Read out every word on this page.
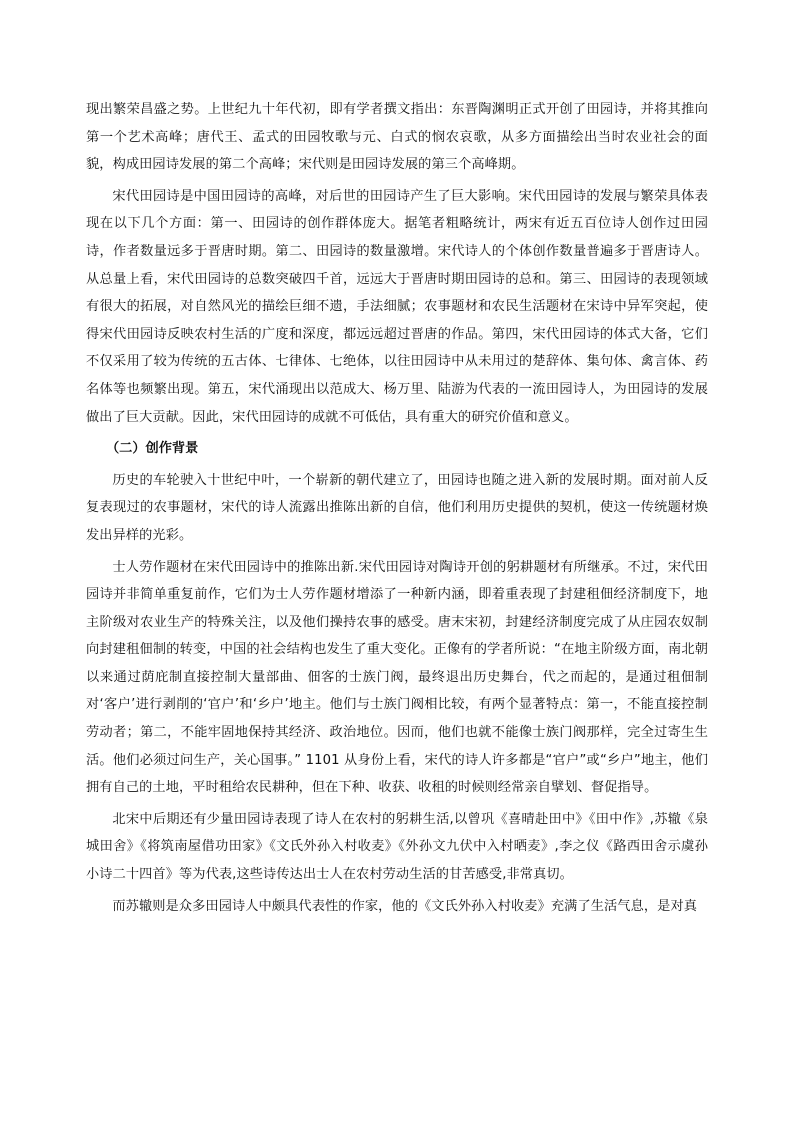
现出繁荣昌盛之势。上世纪九十年代初，即有学者撰文指出：东晋陶渊明正式开创了田园诗，并将其推向第一个艺术高峰；唐代王、孟式的田园牧歌与元、白式的悯农哀歌，从多方面描绘出当时农业社会的面貌，构成田园诗发展的第二个高峰；宋代则是田园诗发展的第三个高峰期。

宋代田园诗是中国田园诗的高峰，对后世的田园诗产生了巨大影响。宋代田园诗的发展与繁荣具体表现在以下几个方面：第一、田园诗的创作群体庞大。据笔者粗略统计，两宋有近五百位诗人创作过田园诗，作者数量远多于晋唐时期。第二、田园诗的数量激增。宋代诗人的个体创作数量普遍多于晋唐诗人。从总量上看，宋代田园诗的总数突破四千首，远远大于晋唐时期田园诗的总和。第三、田园诗的表现领域有很大的拓展，对自然风光的描绘巨细不遗，手法细腻；农事题材和农民生活题材在宋诗中异军突起，使得宋代田园诗反映农村生活的广度和深度，都远远超过晋唐的作品。第四，宋代田园诗的体式大备，它们不仅采用了较为传统的五古体、七律体、七绝体，以往田园诗中从未用过的楚辞体、集句体、禽言体、药名体等也频繁出现。第五，宋代涌现出以范成大、杨万里、陆游为代表的一流田园诗人，为田园诗的发展做出了巨大贡献。因此，宋代田园诗的成就不可低估，具有重大的研究价值和意义。

（二）创作背景

历史的车轮驶入十世纪中叶，一个崭新的朝代建立了，田园诗也随之进入新的发展时期。面对前人反复表现过的农事题材，宋代的诗人流露出推陈出新的自信，他们利用历史提供的契机，使这一传统题材焕发出异样的光彩。

士人劳作题材在宋代田园诗中的推陈出新.宋代田园诗对陶诗开创的躬耕题材有所继承。不过，宋代田园诗并非简单重复前作，它们为士人劳作题材增添了一种新内涵，即着重表现了封建租佃经济制度下，地主阶级对农业生产的特殊关注，以及他们操持农事的感受。唐末宋初，封建经济制度完成了从庄园农奴制向封建租佃制的转变，中国的社会结构也发生了重大变化。正像有的学者所说：“在地主阶级方面，南北朝以来通过荫庇制直接控制大量部曲、佃客的士族门阀，最终退出历史舞台，代之而起的，是通过租佃制对‘客户’进行剥削的‘官户’和‘乡户’地主。他们与士族门阀相比较，有两个显著特点：第一，不能直接控制劳动者；第二，不能牢固地保持其经济、政治地位。因而，他们也就不能像士族门阀那样，完全过寄生生活。他们必须过问生产，关心国事。” 1101 从身份上看，宋代的诗人许多都是“官户”或“乡户”地主，他们拥有自己的土地，平时租给农民耕种，但在下种、收获、收租的时候则经常亲自擘划、督促指导。

北宋中后期还有少量田园诗表现了诗人在农村的躬耕生活,以曾巩《喜晴赴田中》《田中作》,苏辙《泉城田舍》《将筑南屋借功田家》《文氏外孙入村收麦》《外孙文九伏中入村晒麦》,李之仪《路西田舍示虞孙小诗二十四首》等为代表,这些诗传达出士人在农村劳动生活的甘苦感受,非常真切。

而苏辙则是众多田园诗人中颇具代表性的作家，他的《文氏外孙入村收麦》充满了生活气息，是对真
